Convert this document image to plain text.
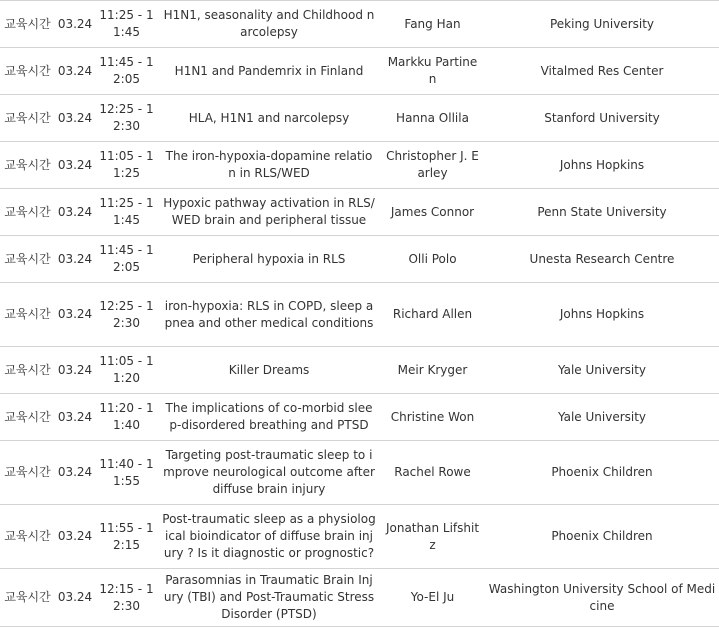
교육시간	03.24	11:25 - 11:45	H1N1, seasonality and Childhood narcolepsy	Fang Han	Peking University
교육시간	03.24	11:45 - 12:05	H1N1 and Pandemrix in Finland	Markku Partinen	Vitalmed Res Center
교육시간	03.24	12:25 - 12:30	HLA, H1N1 and narcolepsy	Hanna Ollila	Stanford University
교육시간	03.24	11:05 - 11:25	The iron-hypoxia-dopamine relation in RLS/WED	Christopher J. Earley	Johns Hopkins
교육시간	03.24	11:25 - 11:45	Hypoxic pathway activation in RLS/WED brain and peripheral tissue	James Connor	Penn State University
교육시간	03.24	11:45 - 12:05	Peripheral hypoxia in RLS	Olli Polo	Unesta Research Centre
교육시간	03.24	12:25 - 12:30	iron-hypoxia: RLS in COPD, sleep apnea and other medical conditions	Richard Allen	Johns Hopkins
교육시간	03.24	11:05 - 11:20	Killer Dreams	Meir Kryger	Yale University
교육시간	03.24	11:20 - 11:40	The implications of co-morbid sleep-disordered breathing and PTSD	Christine Won	Yale University
교육시간	03.24	11:40 - 11:55	Targeting post-traumatic sleep to improve neurological outcome after diffuse brain injury	Rachel Rowe	Phoenix Children
교육시간	03.24	11:55 - 12:15	Post-traumatic sleep as a physiological bioindicator of diffuse brain injury ? Is it diagnostic or prognostic?	Jonathan Lifshitz	Phoenix Children
교육시간	03.24	12:15 - 12:30	Parasomnias in Traumatic Brain Injury (TBI) and Post-Traumatic Stress Disorder (PTSD)	Yo-El Ju	Washington University School of Medicine
